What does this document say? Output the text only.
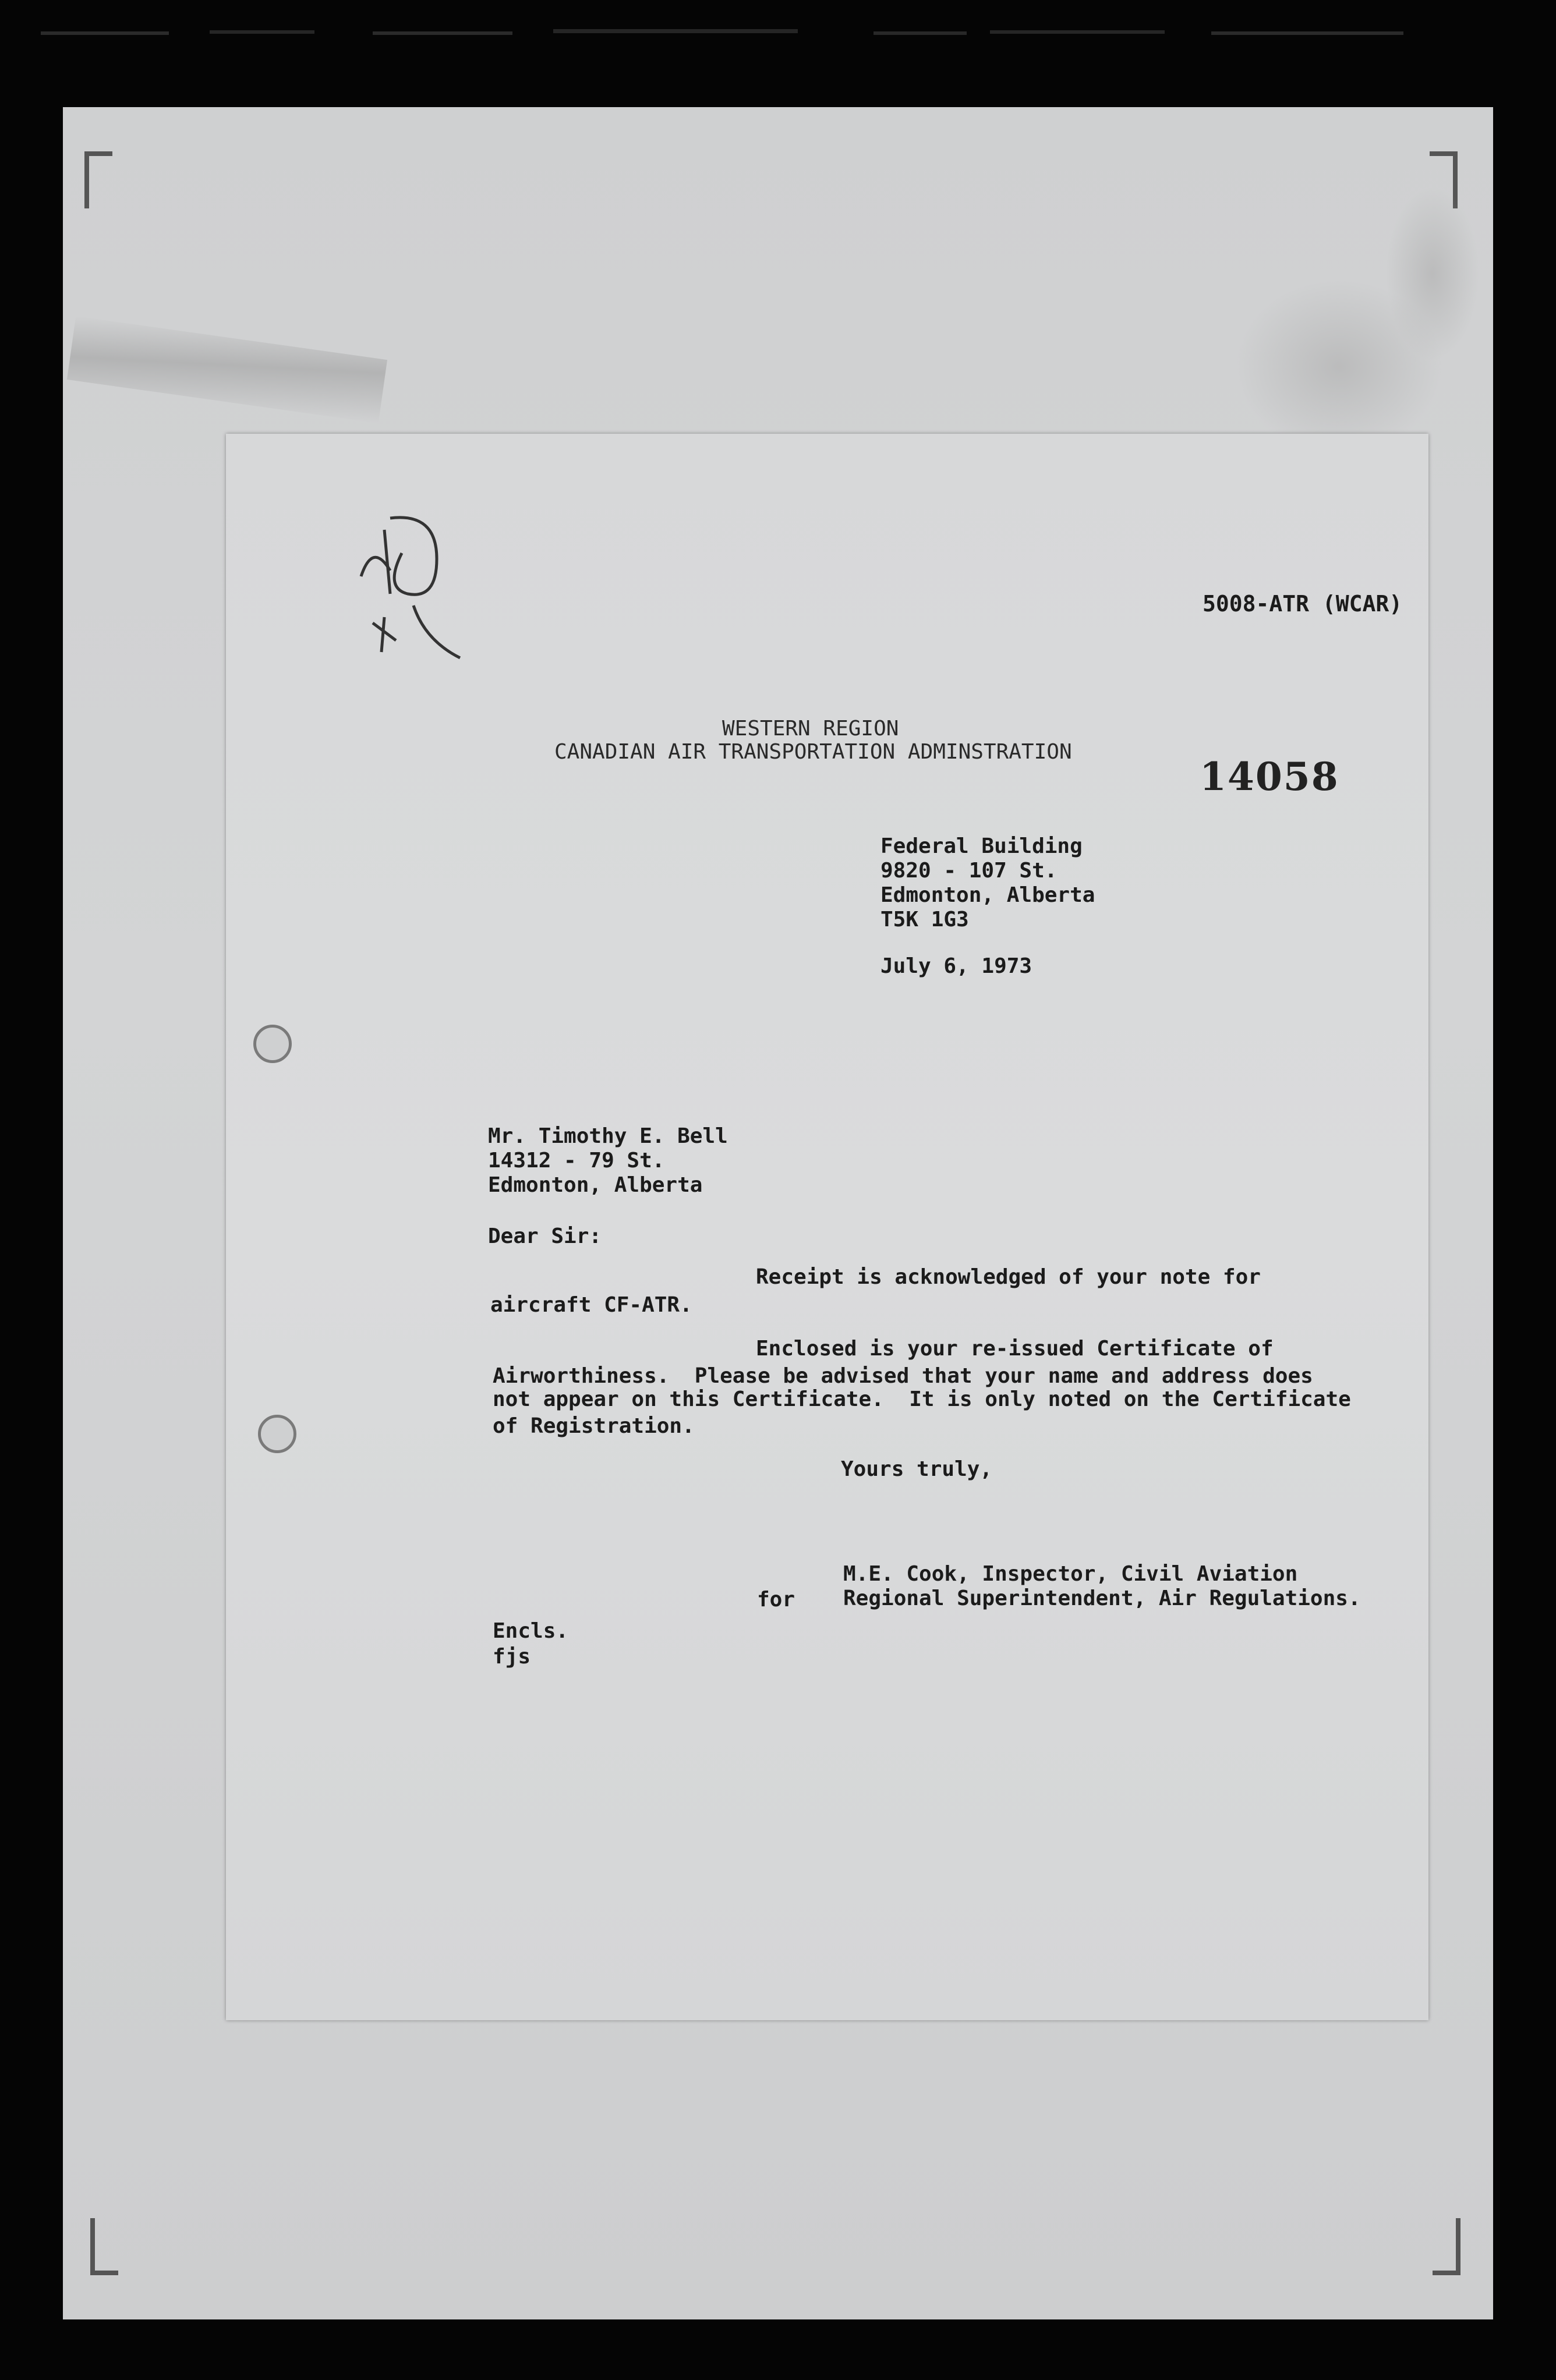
5008-ATR (WCAR)

14058

WESTERN REGION

CANADIAN AIR TRANSPORTATION ADMINSTRATION

Federal Building

9820 - 107 St.

Edmonton, Alberta

T5K 1G3

July 6, 1973

Mr. Timothy E. Bell

14312 - 79 St.

Edmonton, Alberta

Dear Sir:

Receipt is acknowledged of your note for

aircraft CF-ATR.

Enclosed is your re-issued Certificate of

Airworthiness.  Please be advised that your name and address does

not appear on this Certificate.  It is only noted on the Certificate

of Registration.

Yours truly,

for

M.E. Cook, Inspector, Civil Aviation

Regional Superintendent, Air Regulations.

Encls.

fjs
